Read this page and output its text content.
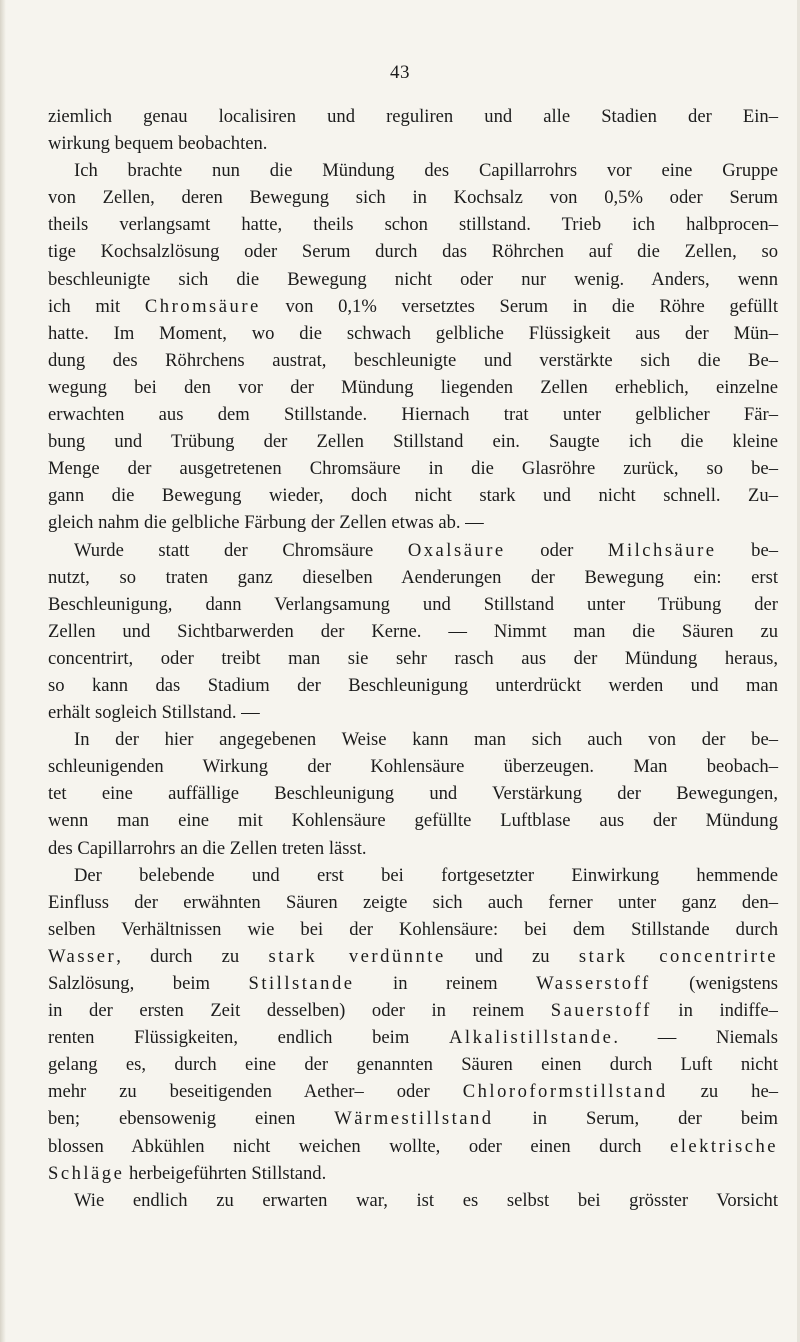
43
ziemlich genau localisiren und reguliren und alle Stadien der Ein–
wirkung bequem beobachten.
Ich brachte nun die Mündung des Capillarrohrs vor eine Gruppe
von Zellen, deren Bewegung sich in Kochsalz von 0,5% oder Serum
theils verlangsamt hatte, theils schon stillstand. Trieb ich halbprocen–
tige Kochsalzlösung oder Serum durch das Röhrchen auf die Zellen, so
beschleunigte sich die Bewegung nicht oder nur wenig. Anders, wenn
ich mit Chromsäure von 0,1% versetztes Serum in die Röhre gefüllt
hatte. Im Moment, wo die schwach gelbliche Flüssigkeit aus der Mün–
dung des Röhrchens austrat, beschleunigte und verstärkte sich die Be–
wegung bei den vor der Mündung liegenden Zellen erheblich, einzelne
erwachten aus dem Stillstande. Hiernach trat unter gelblicher Fär–
bung und Trübung der Zellen Stillstand ein. Saugte ich die kleine
Menge der ausgetretenen Chromsäure in die Glasröhre zurück, so be–
gann die Bewegung wieder, doch nicht stark und nicht schnell. Zu–
gleich nahm die gelbliche Färbung der Zellen etwas ab. —
Wurde statt der Chromsäure Oxalsäure oder Milchsäure be–
nutzt, so traten ganz dieselben Aenderungen der Bewegung ein: erst
Beschleunigung, dann Verlangsamung und Stillstand unter Trübung der
Zellen und Sichtbarwerden der Kerne. — Nimmt man die Säuren zu
concentrirt, oder treibt man sie sehr rasch aus der Mündung heraus,
so kann das Stadium der Beschleunigung unterdrückt werden und man
erhält sogleich Stillstand. —
In der hier angegebenen Weise kann man sich auch von der be–
schleunigenden Wirkung der Kohlensäure überzeugen. Man beobach–
tet eine auffällige Beschleunigung und Verstärkung der Bewegungen,
wenn man eine mit Kohlensäure gefüllte Luftblase aus der Mündung
des Capillarrohrs an die Zellen treten lässt.
Der belebende und erst bei fortgesetzter Einwirkung hemmende
Einfluss der erwähnten Säuren zeigte sich auch ferner unter ganz den–
selben Verhältnissen wie bei der Kohlensäure: bei dem Stillstande durch
Wasser, durch zu stark verdünnte und zu stark concentrirte
Salzlösung, beim Stillstande in reinem Wasserstoff (wenigstens
in der ersten Zeit desselben) oder in reinem Sauerstoff in indiffe–
renten Flüssigkeiten, endlich beim Alkalistillstande. — Niemals
gelang es, durch eine der genannten Säuren einen durch Luft nicht
mehr zu beseitigenden Aether– oder Chloroformstillstand zu he–
ben; ebensowenig einen Wärmestillstand in Serum, der beim
blossen Abkühlen nicht weichen wollte, oder einen durch elektrische
Schläge herbeigeführten Stillstand.
Wie endlich zu erwarten war, ist es selbst bei grösster Vorsicht
